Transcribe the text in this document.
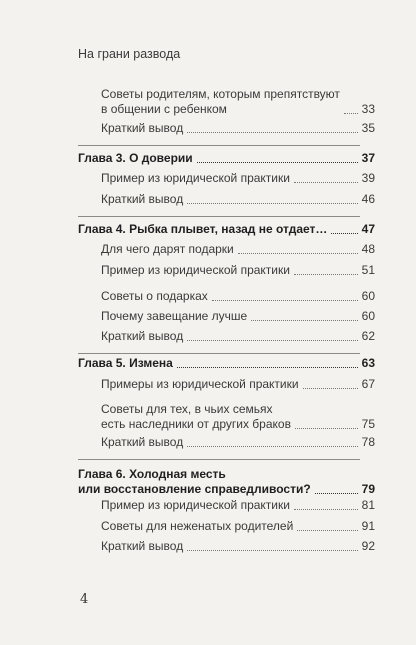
На грани развода
Советы родителям, которым препятствуют
в общении с ребенком	33
Краткий вывод	35
Глава 3. О доверии	37
Пример из юридической практики	39
Краткий вывод	46
Глава 4. Рыбка плывет, назад не отдает…	47
Для чего дарят подарки	48
Пример из юридической практики	51
Советы о подарках	60
Почему завещание лучше	60
Краткий вывод	62
Глава 5. Измена	63
Примеры из юридической практики	67
Советы для тех, в чьих семьях
есть наследники от других браков	75
Краткий вывод	78
Глава 6. Холодная месть
или восстановление справедливости?	79
Пример из юридической практики	81
Советы для неженатых родителей	91
Краткий вывод	92
4
